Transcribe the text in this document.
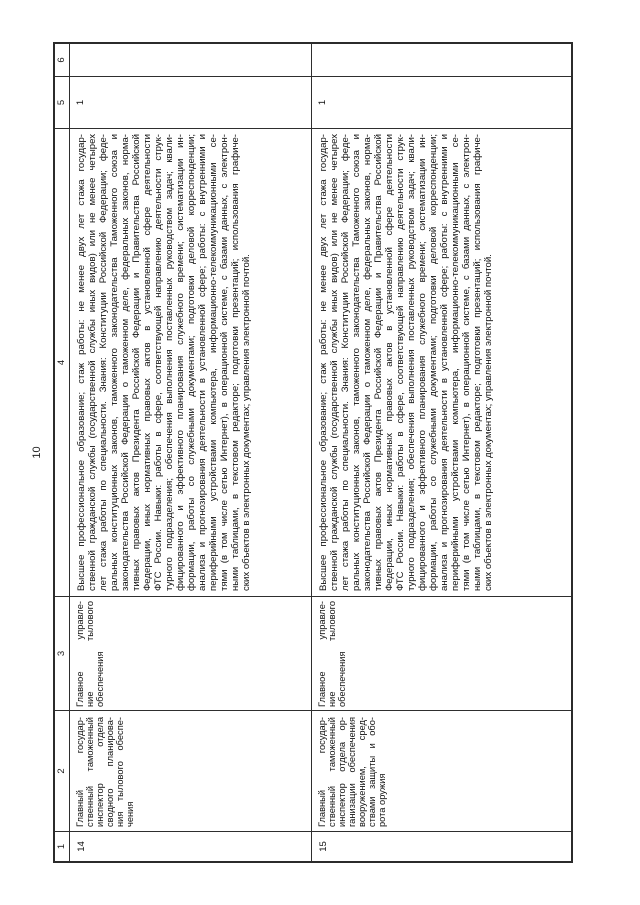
10
1
2
3
4
5
6
14
Главный государ- ственный таможенный инспектор отдела сводного планирова- ния тылового обеспе- чения
Главное управле- ние тылового обеспечения
Высшее профессиональное образование; стаж работы: не менее двух лет стажа государ- ственной гражданской службы (государственной службы иных видов) или не менее четырех лет стажа работы по специальности. Знания: Конституции Российской Федерации; феде- ральных конституционных законов, таможенного законодательства Таможенного союза и законодательства Российской Федерации о таможенном деле, федеральных законов, норма- тивных правовых актов Президента Российской Федерации и Правительства Российской Федерации, иных нормативных правовых актов в установленной сфере деятельности ФТС России. Навыки: работы в сфере, соответствующей направлению деятельности струк- турного подразделения; обеспечения выполнения поставленных руководством задач; квали- фицированного и эффективного планирования служебного времени; систематизации ин- формации, работы со служебными документами; подготовки деловой корреспонденции; анализа и прогнозирования деятельности в установленной сфере; работы: с внутренними и периферийными устройствами компьютера, информационно-телекоммуникационными се- тями (в том числе сетью Интернет), в операционной системе, с базами данных, с электрон- ными таблицами, в текстовом редакторе; подготовки презентаций; использования графиче- ских объектов в электронных документах; управления электронной почтой.
1
15
Главный государ- ственный таможенный инспектор отдела ор- ганизации обеспечения вооружением, сред- ствами защиты и обо- рота оружия
Главное управле- ние тылового обеспечения
Высшее профессиональное образование; стаж работы: не менее двух лет стажа государ- ственной гражданской службы (государственной службы иных видов) или не менее четырех лет стажа работы по специальности. Знания: Конституции Российской Федерации; феде- ральных конституционных законов, таможенного законодательства Таможенного союза и законодательства Российской Федерации о таможенном деле, федеральных законов, норма- тивных правовых актов Президента Российской Федерации и Правительства Российской Федерации, иных нормативных правовых актов в установленной сфере деятельности ФТС России. Навыки: работы в сфере, соответствующей направлению деятельности струк- турного подразделения; обеспечения выполнения поставленных руководством задач; квали- фицированного и эффективного планирования служебного времени; систематизации ин- формации, работы со служебными документами; подготовки деловой корреспонденции; анализа и прогнозирования деятельности в установленной сфере; работы: с внутренними и периферийными устройствами компьютера, информационно-телекоммуникационными се- тями (в том числе сетью Интернет), в операционной системе, с базами данных, с электрон- ными таблицами, в текстовом редакторе; подготовки презентаций; использования графиче- ских объектов в электронных документах; управления электронной почтой.
1
